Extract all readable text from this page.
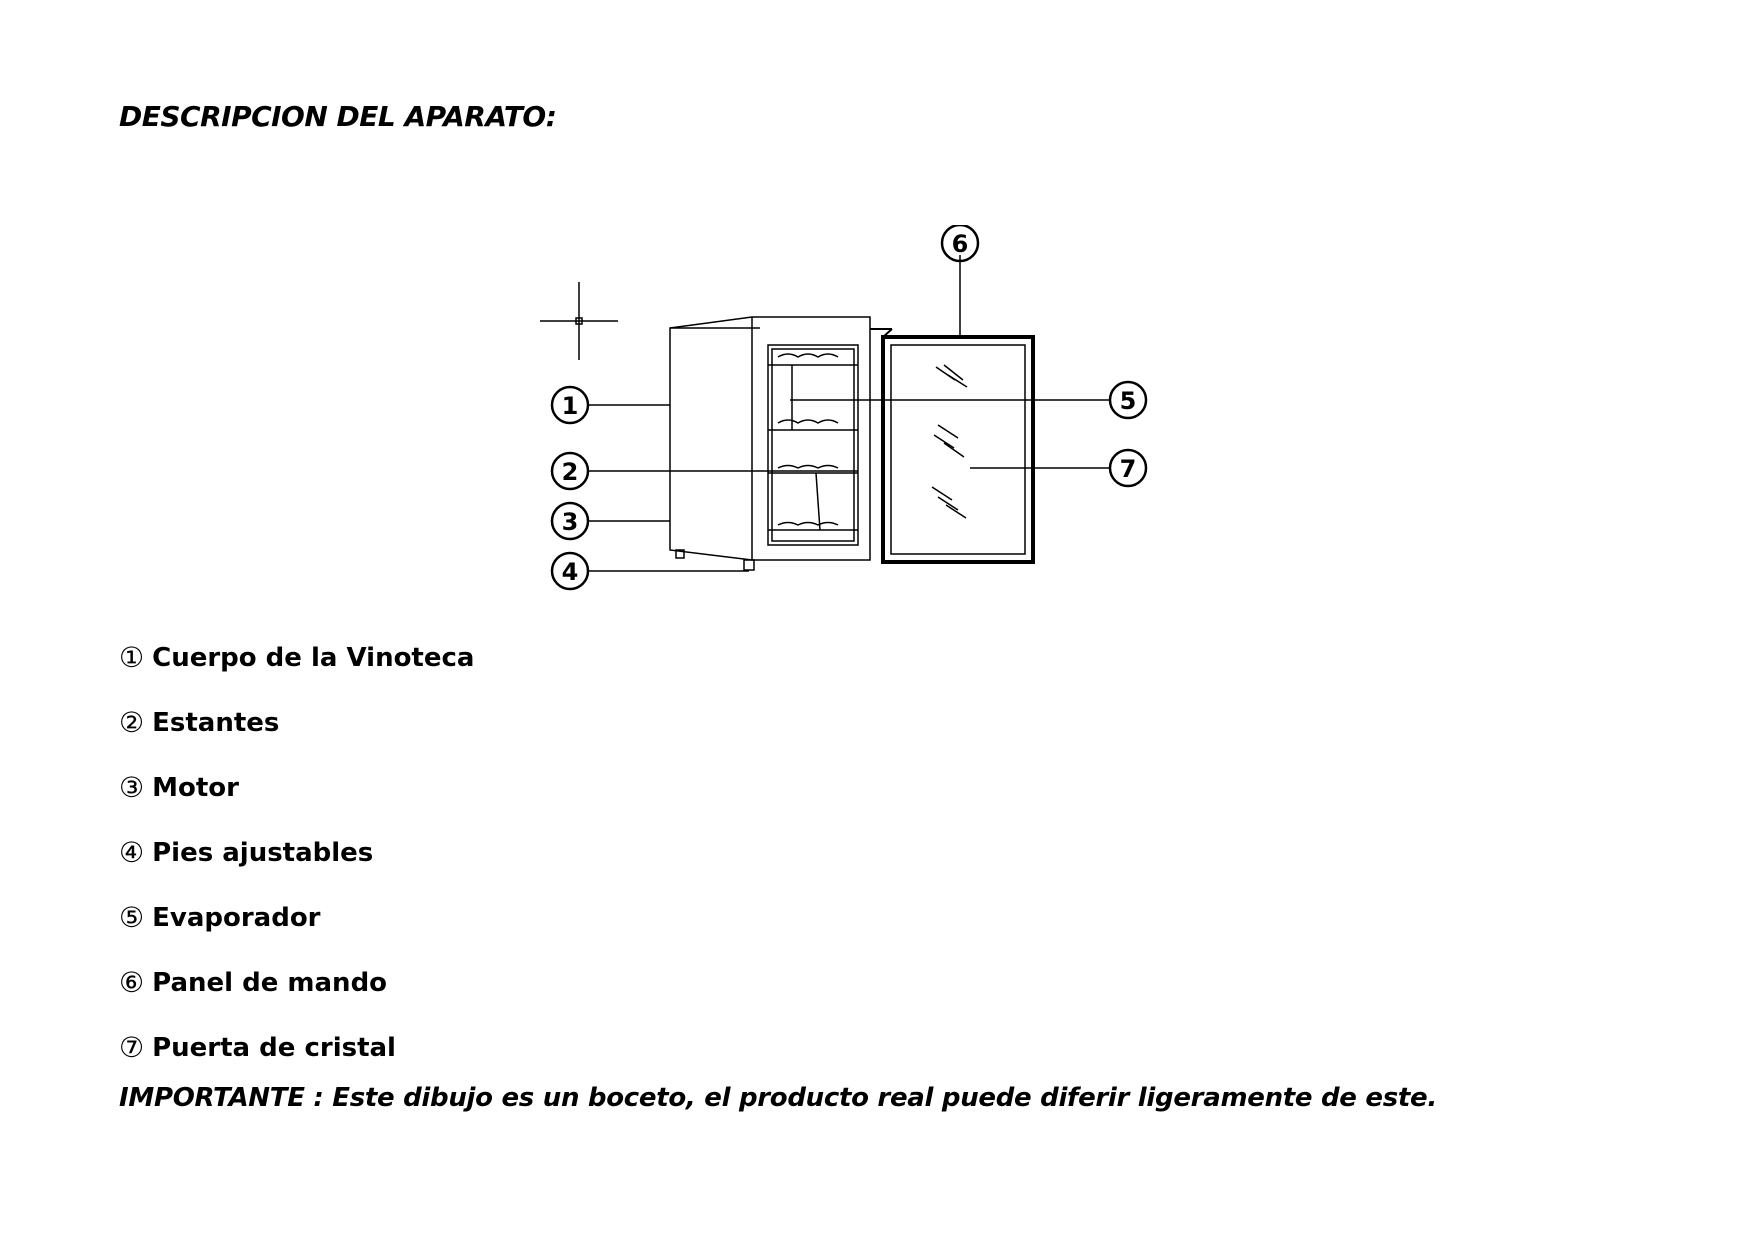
DESCRIPCION DEL APARATO:
1
2
3
4
5
6
7
① Cuerpo de la Vinoteca
② Estantes
③ Motor
④ Pies ajustables
⑤ Evaporador
⑥ Panel de mando
⑦ Puerta de cristal

IMPORTANTE : Este dibujo es un boceto, el producto real puede diferir ligeramente de este.
